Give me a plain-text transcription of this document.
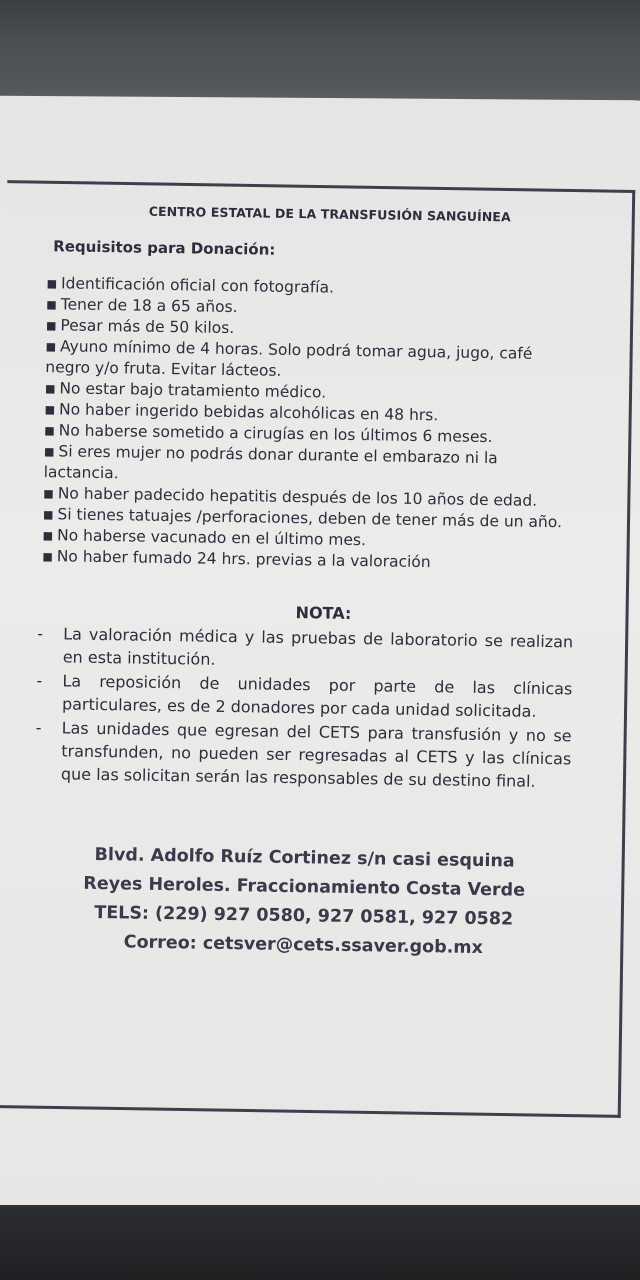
CENTRO ESTATAL DE LA TRANSFUSIÓN SANGUÍNEA
Requisitos para Donación:
■ Identificación oficial con fotografía.
■ Tener de 18 a 65 años.
■ Pesar más de 50 kilos.
■ Ayuno mínimo de 4 horas. Solo podrá tomar agua, jugo, café negro y/o fruta. Evitar lácteos.
■ No estar bajo tratamiento médico.
■ No haber ingerido bebidas alcohólicas en 48 hrs.
■ No haberse sometido a cirugías en los últimos 6 meses.
■ Si eres mujer no podrás donar durante el embarazo ni la lactancia.
■ No haber padecido hepatitis después de los 10 años de edad.
■ Si tienes tatuajes /perforaciones, deben de tener más de un año.
■ No haberse vacunado en el último mes.
■ No haber fumado 24 hrs. previas a la valoración
NOTA:
- La valoración médica y las pruebas de laboratorio se realizan en esta institución.
- La reposición de unidades por parte de las clínicas particulares, es de 2 donadores por cada unidad solicitada.
- Las unidades que egresan del CETS para transfusión y no se transfunden, no pueden ser regresadas al CETS y las clínicas que las solicitan serán las responsables de su destino final.
Blvd. Adolfo Ruíz Cortinez s/n casi esquina
Reyes Heroles. Fraccionamiento Costa Verde
TELS: (229) 927 0580, 927 0581, 927 0582
Correo: cetsver@cets.ssaver.gob.mx
